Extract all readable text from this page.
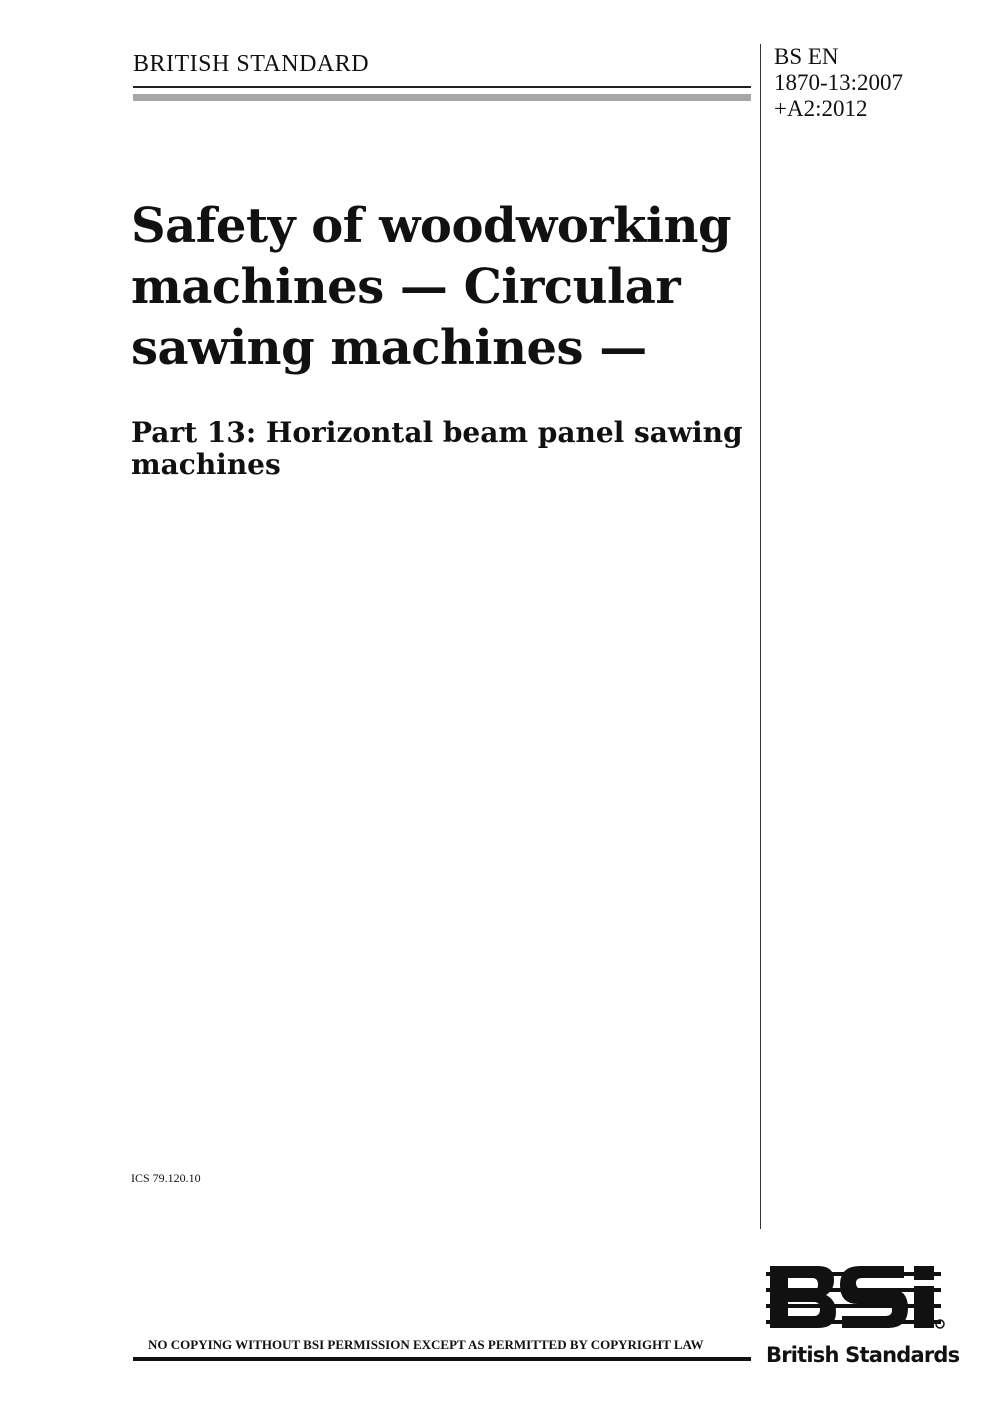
BRITISH STANDARD	BS EN
1870-13:2007
+A2:2012
Safety of woodworking
machines — Circular
sawing machines —
Part 13: Horizontal beam panel sawing
machines
ICS 79.120.10
NO COPYING WITHOUT BSI PERMISSION EXCEPT AS PERMITTED BY COPYRIGHT LAW	British Standards
